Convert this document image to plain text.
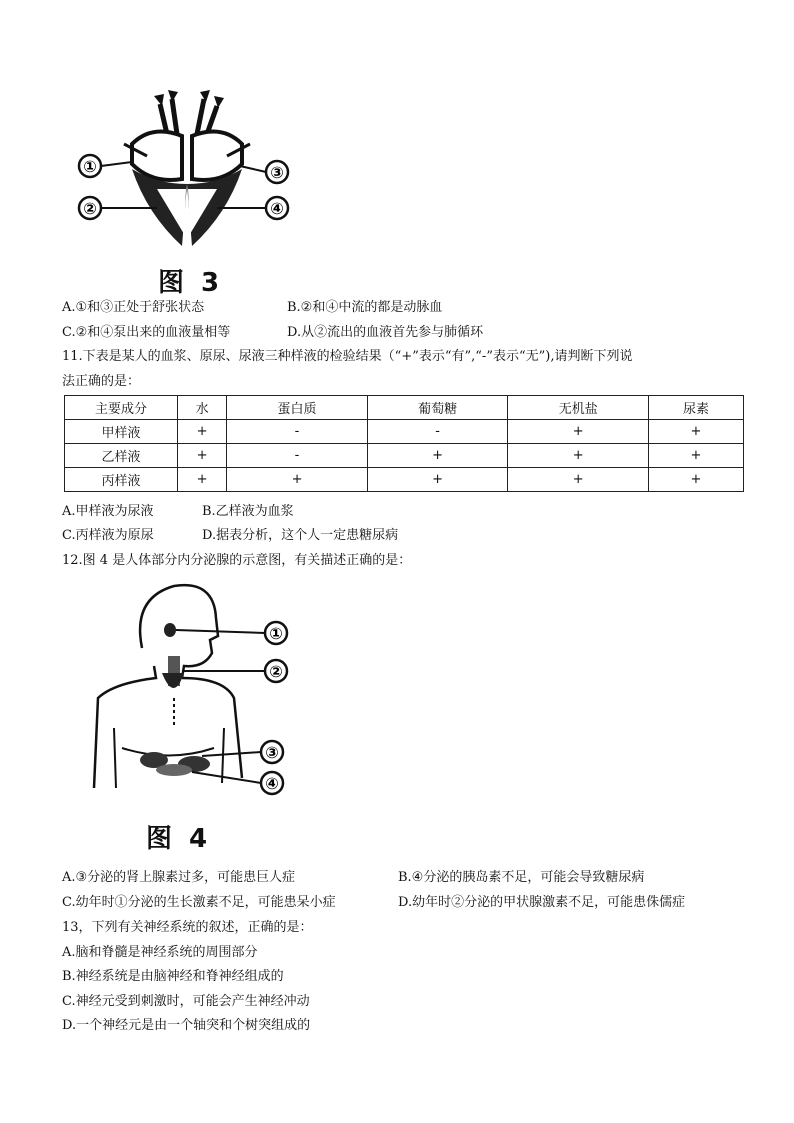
①
②
③
④
图 3
A.①和③正处于舒张状态	B.②和④中流的都是动脉血
C.②和④泵出来的血液量相等	D.从②流出的血液首先参与肺循环
11.下表是某人的血浆、原尿、尿液三种样液的检验结果（“+”表示“有”,“-”表示“无”),请判断下列说
法正确的是：
主要成分	水	蛋白质	葡萄糖	无机盐	尿素
甲样液	+	-	-	+	+
乙样液	+	-	+	+	+
丙样液	+	+	+	+	+
A.甲样液为尿液	B.乙样液为血浆
C.丙样液为原尿	D.据表分析，这个人一定患糖尿病
12.图 4 是人体部分内分泌腺的示意图，有关描述正确的是：
①
②
③
④
图 4
A.③分泌的肾上腺素过多，可能患巨人症	B.④分泌的胰岛素不足，可能会导致糖尿病
C.幼年时①分泌的生长激素不足，可能患呆小症	D.幼年时②分泌的甲状腺激素不足，可能患侏儒症
13，下列有关神经系统的叙述，正确的是：
A.脑和脊髓是神经系统的周围部分
B.神经系统是由脑神经和脊神经组成的
C.神经元受到刺激时，可能会产生神经冲动
D.一个神经元是由一个轴突和个树突组成的
